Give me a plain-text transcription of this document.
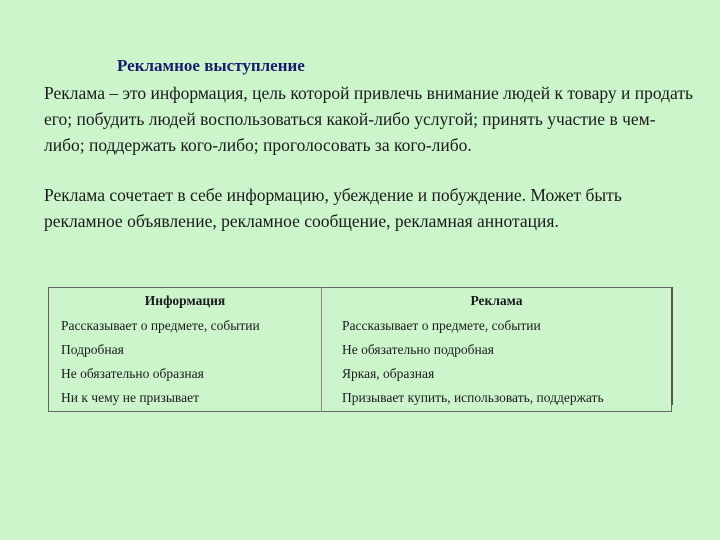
Рекламное выступление

Реклама – это информация, цель которой привлечь внимание людей к товару и продать его; побудить людей воспользоваться какой-либо услугой; принять участие в чем-либо; поддержать кого-либо; проголосовать за кого-либо.

Реклама сочетает в себе информацию, убеждение и побуждение. Может быть рекламное объявление, рекламное сообщение, рекламная аннотация.

Информация	Реклама
Рассказывает о предмете, событии	Рассказывает о предмете, событии
Подробная	Не обязательно подробная
Не обязательно образная	Яркая, образная
Ни к чему не призывает	Призывает купить, использовать, поддержать
